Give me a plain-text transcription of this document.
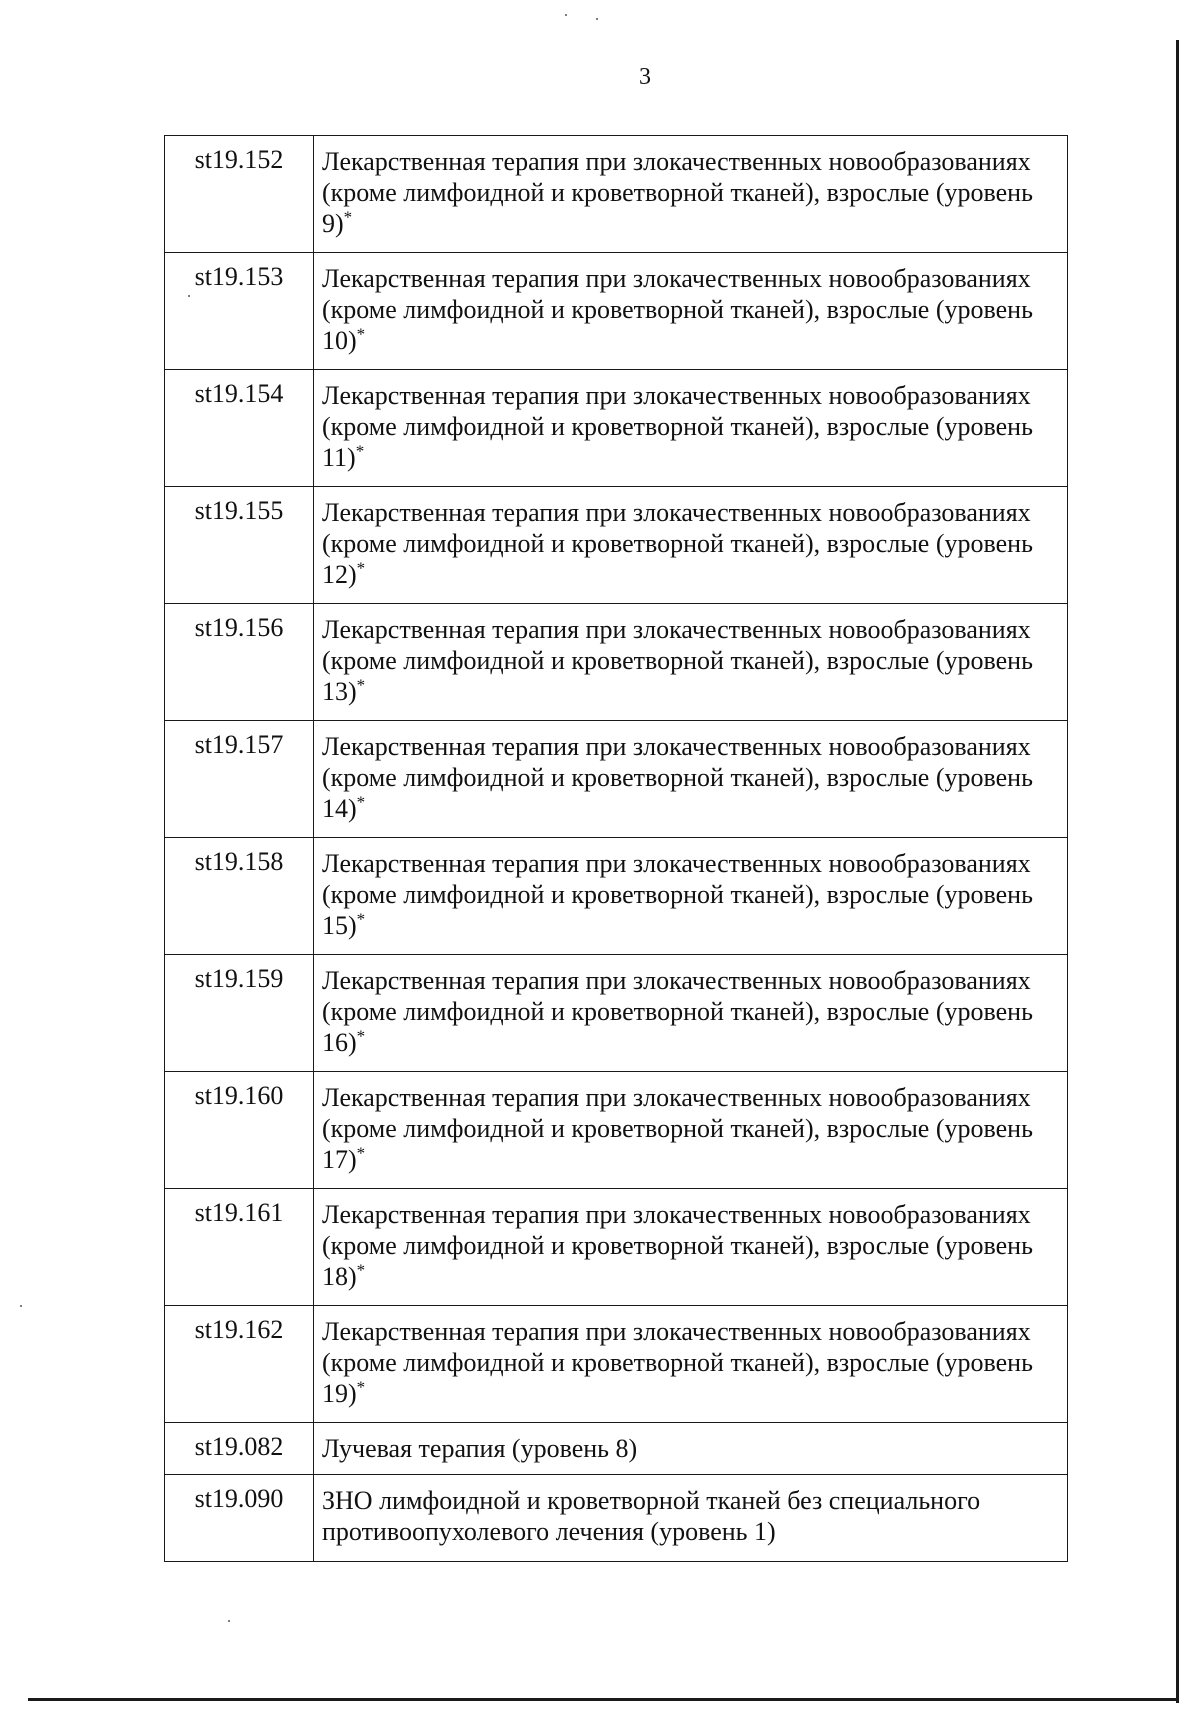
3
st19.152	Лекарственная терапия при злокачественных новообразованиях (кроме лимфоидной и кроветворной тканей), взрослые (уровень 9)*
st19.153	Лекарственная терапия при злокачественных новообразованиях (кроме лимфоидной и кроветворной тканей), взрослые (уровень 10)*
st19.154	Лекарственная терапия при злокачественных новообразованиях (кроме лимфоидной и кроветворной тканей), взрослые (уровень 11)*
st19.155	Лекарственная терапия при злокачественных новообразованиях (кроме лимфоидной и кроветворной тканей), взрослые (уровень 12)*
st19.156	Лекарственная терапия при злокачественных новообразованиях (кроме лимфоидной и кроветворной тканей), взрослые (уровень 13)*
st19.157	Лекарственная терапия при злокачественных новообразованиях (кроме лимфоидной и кроветворной тканей), взрослые (уровень 14)*
st19.158	Лекарственная терапия при злокачественных новообразованиях (кроме лимфоидной и кроветворной тканей), взрослые (уровень 15)*
st19.159	Лекарственная терапия при злокачественных новообразованиях (кроме лимфоидной и кроветворной тканей), взрослые (уровень 16)*
st19.160	Лекарственная терапия при злокачественных новообразованиях (кроме лимфоидной и кроветворной тканей), взрослые (уровень 17)*
st19.161	Лекарственная терапия при злокачественных новообразованиях (кроме лимфоидной и кроветворной тканей), взрослые (уровень 18)*
st19.162	Лекарственная терапия при злокачественных новообразованиях (кроме лимфоидной и кроветворной тканей), взрослые (уровень 19)*
st19.082	Лучевая терапия (уровень 8)
st19.090	ЗНО лимфоидной и кроветворной тканей без специального противоопухолевого лечения (уровень 1)
